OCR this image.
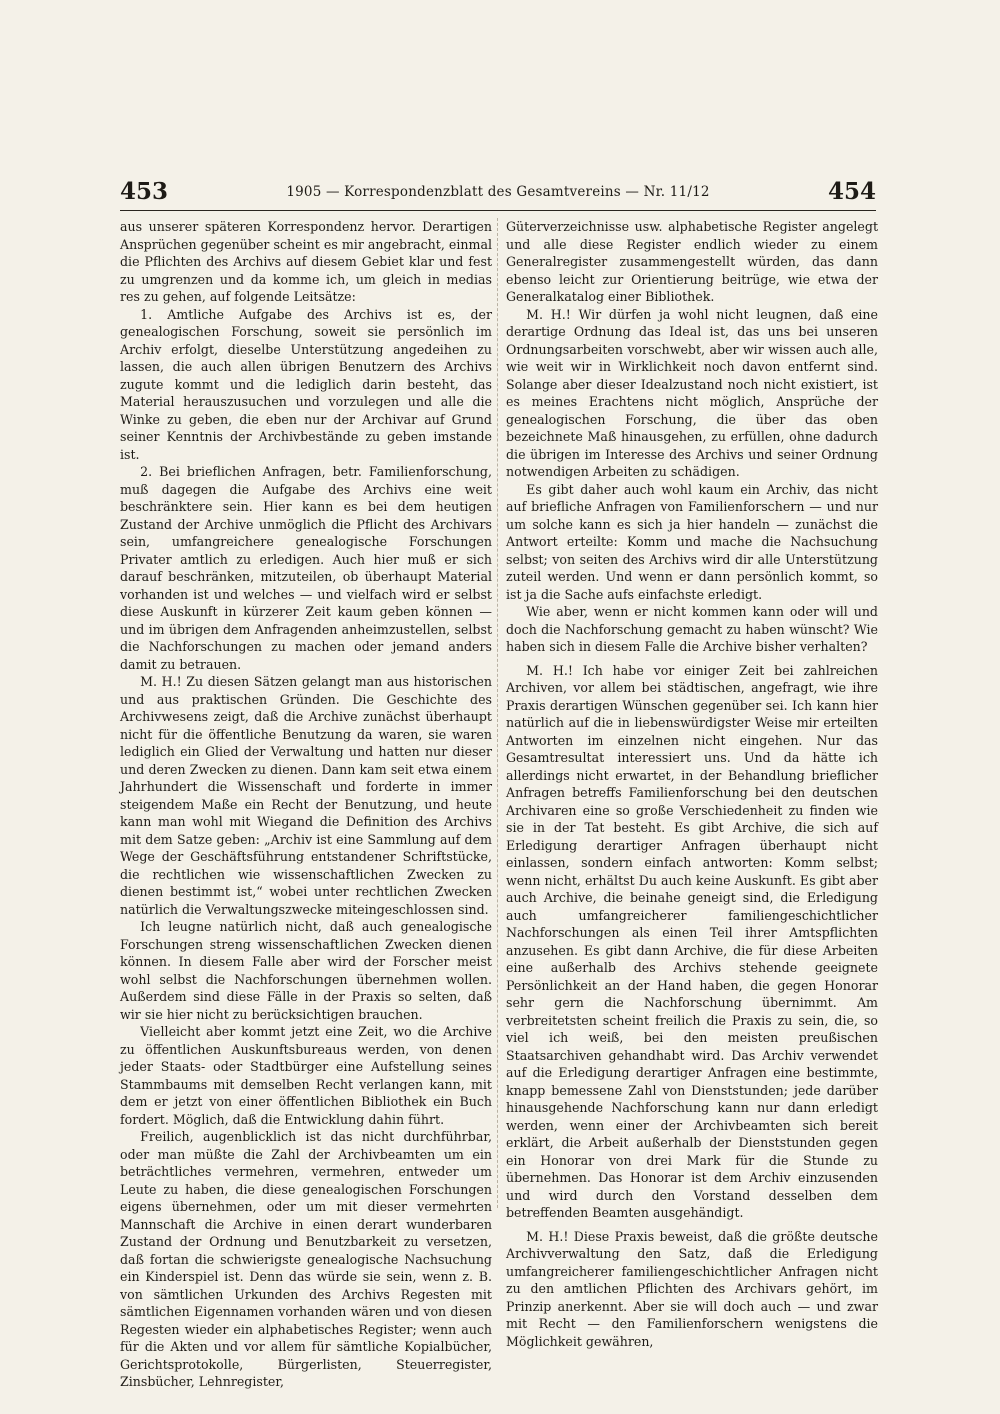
453	1905 — Korrespondenzblatt des Gesamtvereins — Nr. 11/12	454

aus unserer späteren Korrespondenz hervor. Derartigen Ansprüchen gegenüber scheint es mir angebracht, einmal die Pflichten des Archivs auf diesem Gebiet klar und fest zu umgrenzen und da komme ich, um gleich in medias res zu gehen, auf folgende Leitsätze:

1. Amtliche Aufgabe des Archivs ist es, der genealogischen Forschung, soweit sie persönlich im Archiv erfolgt, dieselbe Unterstützung angedeihen zu lassen, die auch allen übrigen Benutzern des Archivs zugute kommt und die lediglich darin besteht, das Material herauszusuchen und vorzulegen und alle die Winke zu geben, die eben nur der Archivar auf Grund seiner Kenntnis der Archivbestände zu geben imstande ist.

2. Bei brieflichen Anfragen, betr. Familienforschung, muß dagegen die Aufgabe des Archivs eine weit beschränktere sein. Hier kann es bei dem heutigen Zustand der Archive unmöglich die Pflicht des Archivars sein, umfangreichere genealogische Forschungen Privater amtlich zu erledigen. Auch hier muß er sich darauf beschränken, mitzuteilen, ob überhaupt Material vorhanden ist und welches — und vielfach wird er selbst diese Auskunft in kürzerer Zeit kaum geben können — und im übrigen dem Anfragenden anheimzustellen, selbst die Nachforschungen zu machen oder jemand anders damit zu betrauen.

M. H.! Zu diesen Sätzen gelangt man aus historischen und aus praktischen Gründen. Die Geschichte des Archivwesens zeigt, daß die Archive zunächst überhaupt nicht für die öffentliche Benutzung da waren, sie waren lediglich ein Glied der Verwaltung und hatten nur dieser und deren Zwecken zu dienen. Dann kam seit etwa einem Jahrhundert die Wissenschaft und forderte in immer steigendem Maße ein Recht der Benutzung, und heute kann man wohl mit Wiegand die Definition des Archivs mit dem Satze geben: „Archiv ist eine Sammlung auf dem Wege der Geschäftsführung entstandener Schriftstücke, die rechtlichen wie wissenschaftlichen Zwecken zu dienen bestimmt ist,“ wobei unter rechtlichen Zwecken natürlich die Verwaltungszwecke miteingeschlossen sind.

Ich leugne natürlich nicht, daß auch genealogische Forschungen streng wissenschaftlichen Zwecken dienen können. In diesem Falle aber wird der Forscher meist wohl selbst die Nachforschungen übernehmen wollen. Außerdem sind diese Fälle in der Praxis so selten, daß wir sie hier nicht zu berücksichtigen brauchen.

Vielleicht aber kommt jetzt eine Zeit, wo die Archive zu öffentlichen Auskunftsbureaus werden, von denen jeder Staats- oder Stadtbürger eine Aufstellung seines Stammbaums mit demselben Recht verlangen kann, mit dem er jetzt von einer öffentlichen Bibliothek ein Buch fordert. Möglich, daß die Entwicklung dahin führt.

Freilich, augenblicklich ist das nicht durchführbar, oder man müßte die Zahl der Archivbeamten um ein beträchtliches vermehren, vermehren, entweder um Leute zu haben, die diese genealogischen Forschungen eigens übernehmen, oder um mit dieser vermehrten Mannschaft die Archive in einen derart wunderbaren Zustand der Ordnung und Benutzbarkeit zu versetzen, daß fortan die schwierigste genealogische Nachsuchung ein Kinderspiel ist. Denn das würde sie sein, wenn z. B. von sämtlichen Urkunden des Archivs Regesten mit sämtlichen Eigennamen vorhanden wären und von diesen Regesten wieder ein alphabetisches Register; wenn auch für die Akten und vor allem für sämtliche Kopialbücher, Gerichtsprotokolle, Bürgerlisten, Steuerregister, Zinsbücher, Lehnregister,

Güterverzeichnisse usw. alphabetische Register angelegt und alle diese Register endlich wieder zu einem Generalregister zusammengestellt würden, das dann ebenso leicht zur Orientierung beitrüge, wie etwa der Generalkatalog einer Bibliothek.

M. H.! Wir dürfen ja wohl nicht leugnen, daß eine derartige Ordnung das Ideal ist, das uns bei unseren Ordnungsarbeiten vorschwebt, aber wir wissen auch alle, wie weit wir in Wirklichkeit noch davon entfernt sind. Solange aber dieser Idealzustand noch nicht existiert, ist es meines Erachtens nicht möglich, Ansprüche der genealogischen Forschung, die über das oben bezeichnete Maß hinausgehen, zu erfüllen, ohne dadurch die übrigen im Interesse des Archivs und seiner Ordnung notwendigen Arbeiten zu schädigen.

Es gibt daher auch wohl kaum ein Archiv, das nicht auf briefliche Anfragen von Familienforschern — und nur um solche kann es sich ja hier handeln — zunächst die Antwort erteilte: Komm und mache die Nachsuchung selbst; von seiten des Archivs wird dir alle Unterstützung zuteil werden. Und wenn er dann persönlich kommt, so ist ja die Sache aufs einfachste erledigt.

Wie aber, wenn er nicht kommen kann oder will und doch die Nachforschung gemacht zu haben wünscht? Wie haben sich in diesem Falle die Archive bisher verhalten?

M. H.! Ich habe vor einiger Zeit bei zahlreichen Archiven, vor allem bei städtischen, angefragt, wie ihre Praxis derartigen Wünschen gegenüber sei. Ich kann hier natürlich auf die in liebenswürdigster Weise mir erteilten Antworten im einzelnen nicht eingehen. Nur das Gesamtresultat interessiert uns. Und da hätte ich allerdings nicht erwartet, in der Behandlung brieflicher Anfragen betreffs Familienforschung bei den deutschen Archivaren eine so große Verschiedenheit zu finden wie sie in der Tat besteht. Es gibt Archive, die sich auf Erledigung derartiger Anfragen überhaupt nicht einlassen, sondern einfach antworten: Komm selbst; wenn nicht, erhältst Du auch keine Auskunft. Es gibt aber auch Archive, die beinahe geneigt sind, die Erledigung auch umfangreicherer familiengeschichtlicher Nachforschungen als einen Teil ihrer Amtspflichten anzusehen. Es gibt dann Archive, die für diese Arbeiten eine außerhalb des Archivs stehende geeignete Persönlichkeit an der Hand haben, die gegen Honorar sehr gern die Nachforschung übernimmt. Am verbreitetsten scheint freilich die Praxis zu sein, die, so viel ich weiß, bei den meisten preußischen Staatsarchiven gehandhabt wird. Das Archiv verwendet auf die Erledigung derartiger Anfragen eine bestimmte, knapp bemessene Zahl von Dienststunden; jede darüber hinausgehende Nachforschung kann nur dann erledigt werden, wenn einer der Archivbeamten sich bereit erklärt, die Arbeit außerhalb der Dienststunden gegen ein Honorar von drei Mark für die Stunde zu übernehmen. Das Honorar ist dem Archiv einzusenden und wird durch den Vorstand desselben dem betreffenden Beamten ausgehändigt.

M. H.! Diese Praxis beweist, daß die größte deutsche Archivverwaltung den Satz, daß die Erledigung umfangreicherer familiengeschichtlicher Anfragen nicht zu den amtlichen Pflichten des Archivars gehört, im Prinzip anerkennt. Aber sie will doch auch — und zwar mit Recht — den Familienforschern wenigstens die Möglichkeit gewähren,
